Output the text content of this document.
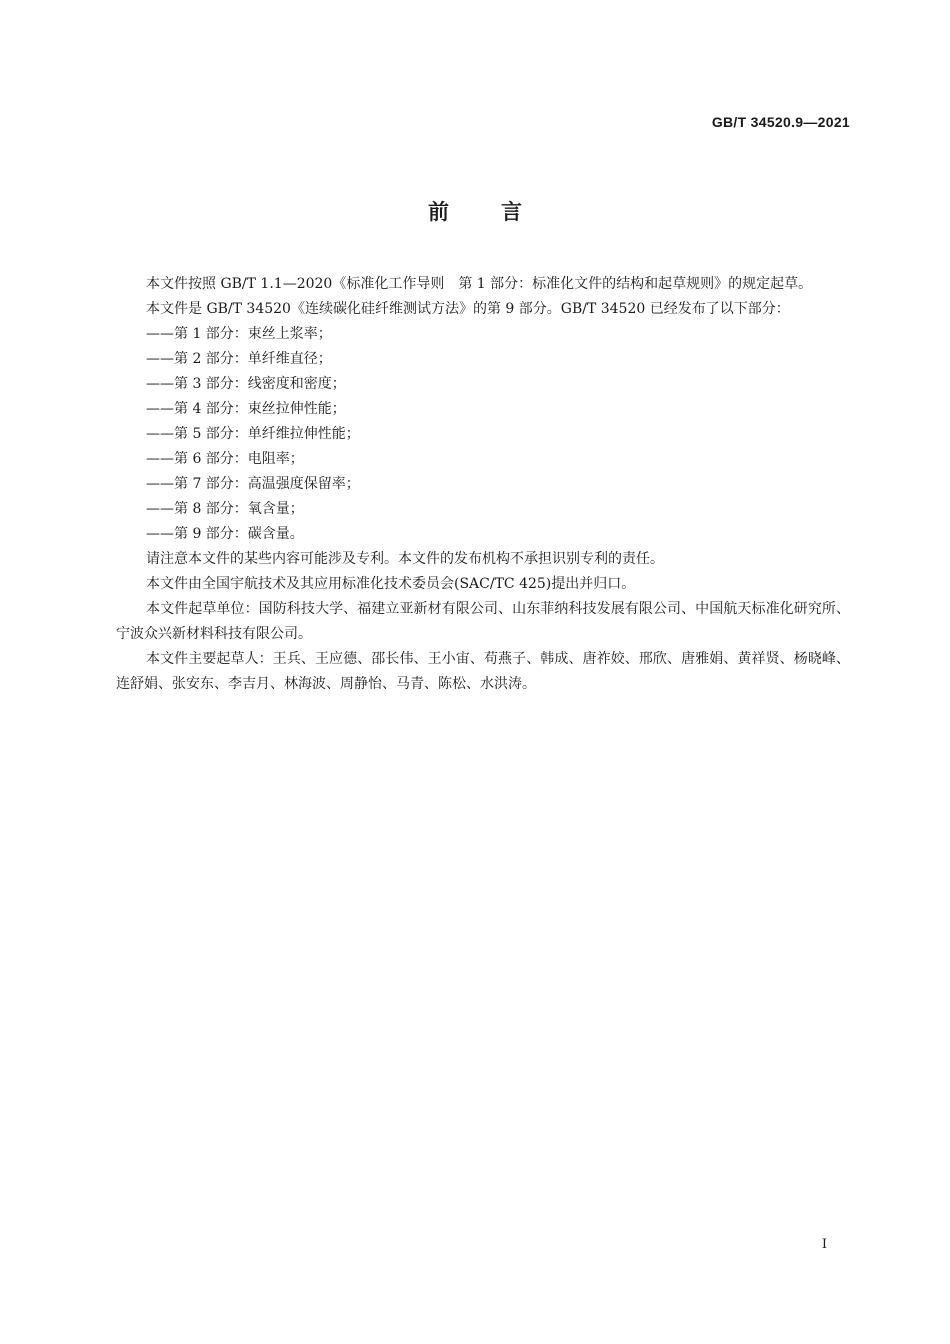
GB/T 34520.9—2021
前言

本文件按照 GB/T 1.1—2020《标准化工作导则　第 1 部分：标准化文件的结构和起草规则》的规定起草。

本文件是 GB/T 34520《连续碳化硅纤维测试方法》的第 9 部分。GB/T 34520 已经发布了以下部分：

——第 1 部分：束丝上浆率；
——第 2 部分：单纤维直径；
——第 3 部分：线密度和密度；
——第 4 部分：束丝拉伸性能；
——第 5 部分：单纤维拉伸性能；
——第 6 部分：电阻率；
——第 7 部分：高温强度保留率；
——第 8 部分：氧含量；
——第 9 部分：碳含量。

请注意本文件的某些内容可能涉及专利。本文件的发布机构不承担识别专利的责任。

本文件由全国宇航技术及其应用标准化技术委员会(SAC/TC 425)提出并归口。

本文件起草单位：国防科技大学、福建立亚新材有限公司、山东菲纳科技发展有限公司、中国航天标准化研究所、宁波众兴新材料科技有限公司。

本文件主要起草人：王兵、王应德、邵长伟、王小宙、苟燕子、韩成、唐祚姣、邢欣、唐雅娟、黄祥贤、杨晓峰、连舒娟、张安东、李吉月、林海波、周静怡、马青、陈松、水洪涛。

I
